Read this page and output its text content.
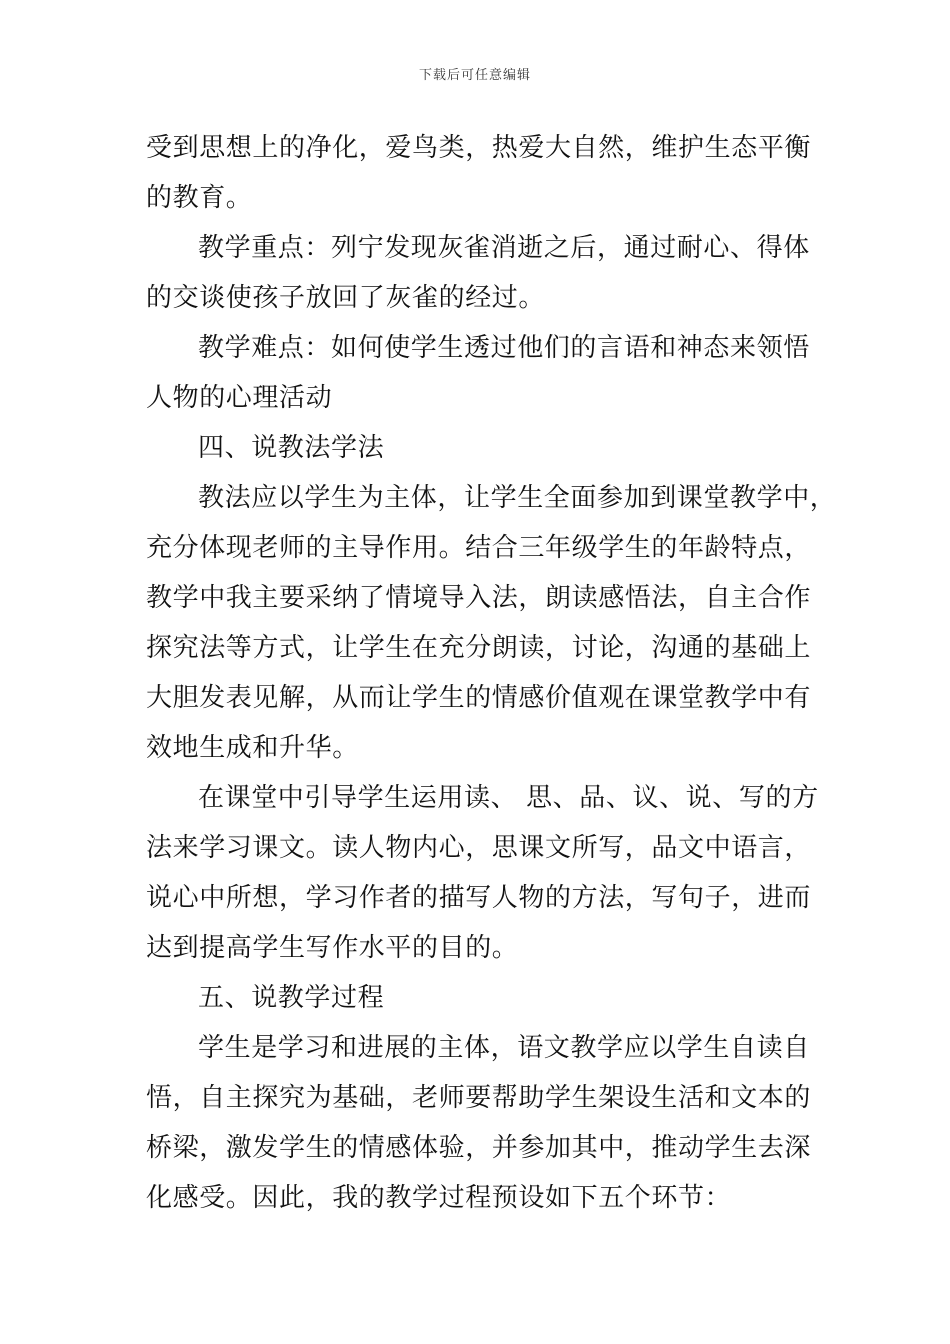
下载后可任意编辑
受到思想上的净化，爱鸟类，热爱大自然，维护生态平衡
的教育。
教学重点：列宁发现灰雀消逝之后，通过耐心、得体
的交谈使孩子放回了灰雀的经过。
教学难点：如何使学生透过他们的言语和神态来领悟
人物的心理活动
四、说教法学法
教法应以学生为主体，让学生全面参加到课堂教学中，
充分体现老师的主导作用。结合三年级学生的年龄特点，
教学中我主要采纳了情境导入法，朗读感悟法，自主合作
探究法等方式，让学生在充分朗读，讨论，沟通的基础上
大胆发表见解，从而让学生的情感价值观在课堂教学中有
效地生成和升华。
在课堂中引导学生运用读、 思、品、议、说、写的方
法来学习课文。读人物内心，思课文所写，品文中语言，
说心中所想，学习作者的描写人物的方法，写句子，进而
达到提高学生写作水平的目的。
五、说教学过程
学生是学习和进展的主体，语文教学应以学生自读自
悟，自主探究为基础，老师要帮助学生架设生活和文本的
桥梁，激发学生的情感体验，并参加其中，推动学生去深
化感受。因此，我的教学过程预设如下五个环节：
